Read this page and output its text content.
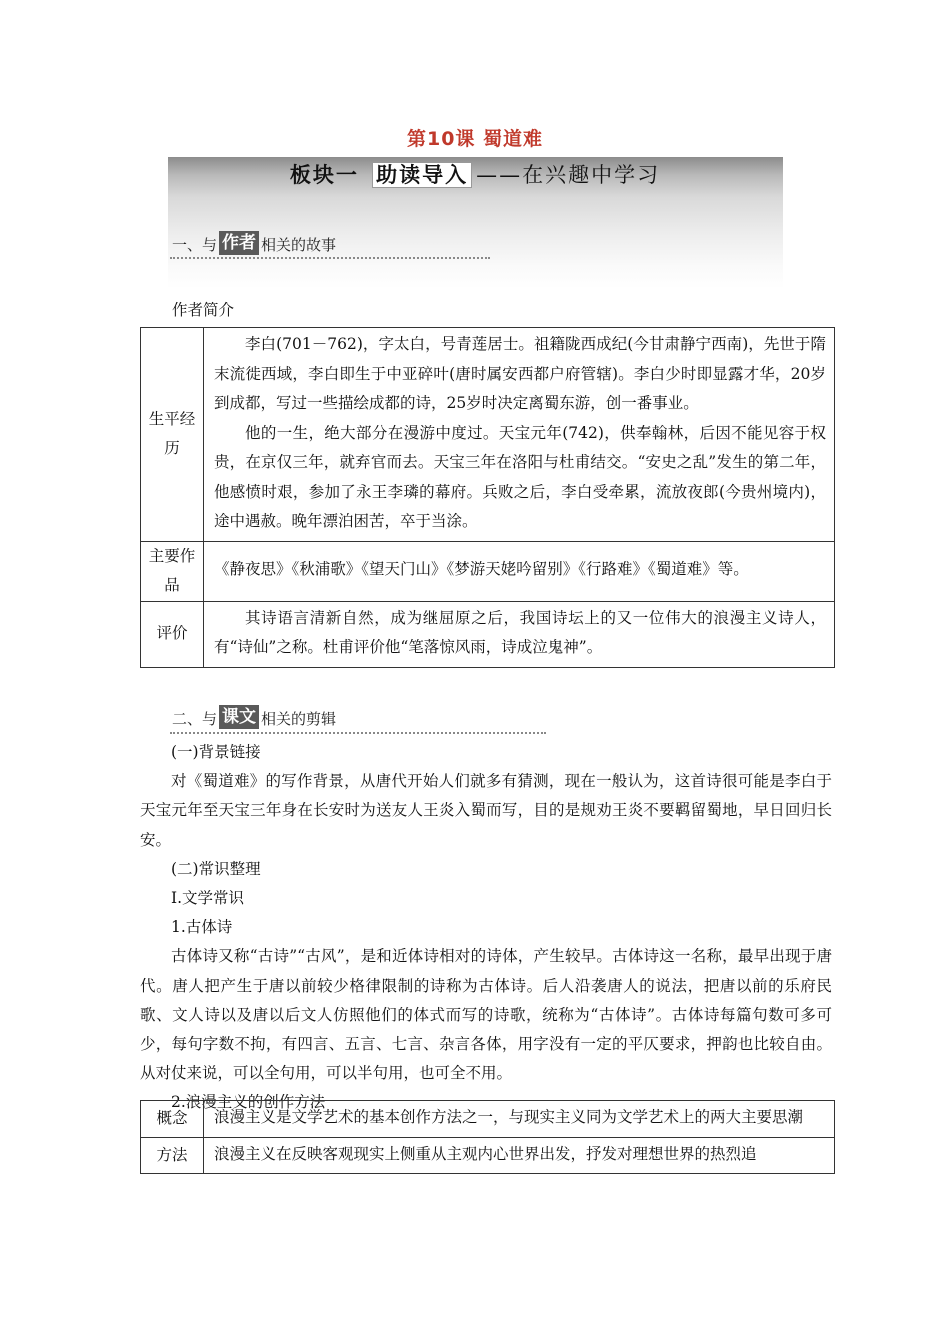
第10课 蜀道难
板块一 助读导入 ——在兴趣中学习
一、与 作者 相关的故事
作者简介
生平经历	李白(701－762)，字太白，号青莲居士。祖籍陇西成纪(今甘肃静宁西南)，先世于隋末流徙西域，李白即生于中亚碎叶(唐时属安西都户府管辖)。李白少时即显露才华，20岁到成都，写过一些描绘成都的诗，25岁时决定离蜀东游，创一番事业。

他的一生，绝大部分在漫游中度过。天宝元年(742)，供奉翰林，后因不能见容于权贵，在京仅三年，就弃官而去。天宝三年在洛阳与杜甫结交。“安史之乱”发生的第二年，他感愤时艰，参加了永王李璘的幕府。兵败之后，李白受牵累，流放夜郎(今贵州境内)，途中遇赦。晚年漂泊困苦，卒于当涂。

主要作品	《静夜思》《秋浦歌》《望天门山》《梦游天姥吟留别》《行路难》《蜀道难》等。
评价	其诗语言清新自然，成为继屈原之后，我国诗坛上的又一位伟大的浪漫主义诗人，有“诗仙”之称。杜甫评价他“笔落惊风雨，诗成泣鬼神”。
二、与 课文 相关的剪辑

(一)背景链接

对《蜀道难》的写作背景，从唐代开始人们就多有猜测，现在一般认为，这首诗很可能是李白于天宝元年至天宝三年身在长安时为送友人王炎入蜀而写，目的是规劝王炎不要羁留蜀地，早日回归长安。

(二)常识整理

Ⅰ.文学常识

1.古体诗

古体诗又称“古诗”“古风”，是和近体诗相对的诗体，产生较早。古体诗这一名称，最早出现于唐代。唐人把产生于唐以前较少格律限制的诗称为古体诗。后人沿袭唐人的说法，把唐以前的乐府民歌、文人诗以及唐以后文人仿照他们的体式而写的诗歌，统称为“古体诗”。古体诗每篇句数可多可少，每句字数不拘，有四言、五言、七言、杂言各体，用字没有一定的平仄要求，押韵也比较自由。从对仗来说，可以全句用，可以半句用，也可全不用。

2.浪漫主义的创作方法

概念	浪漫主义是文学艺术的基本创作方法之一，与现实主义同为文学艺术上的两大主要思潮
方法	浪漫主义在反映客观现实上侧重从主观内心世界出发，抒发对理想世界的热烈追
